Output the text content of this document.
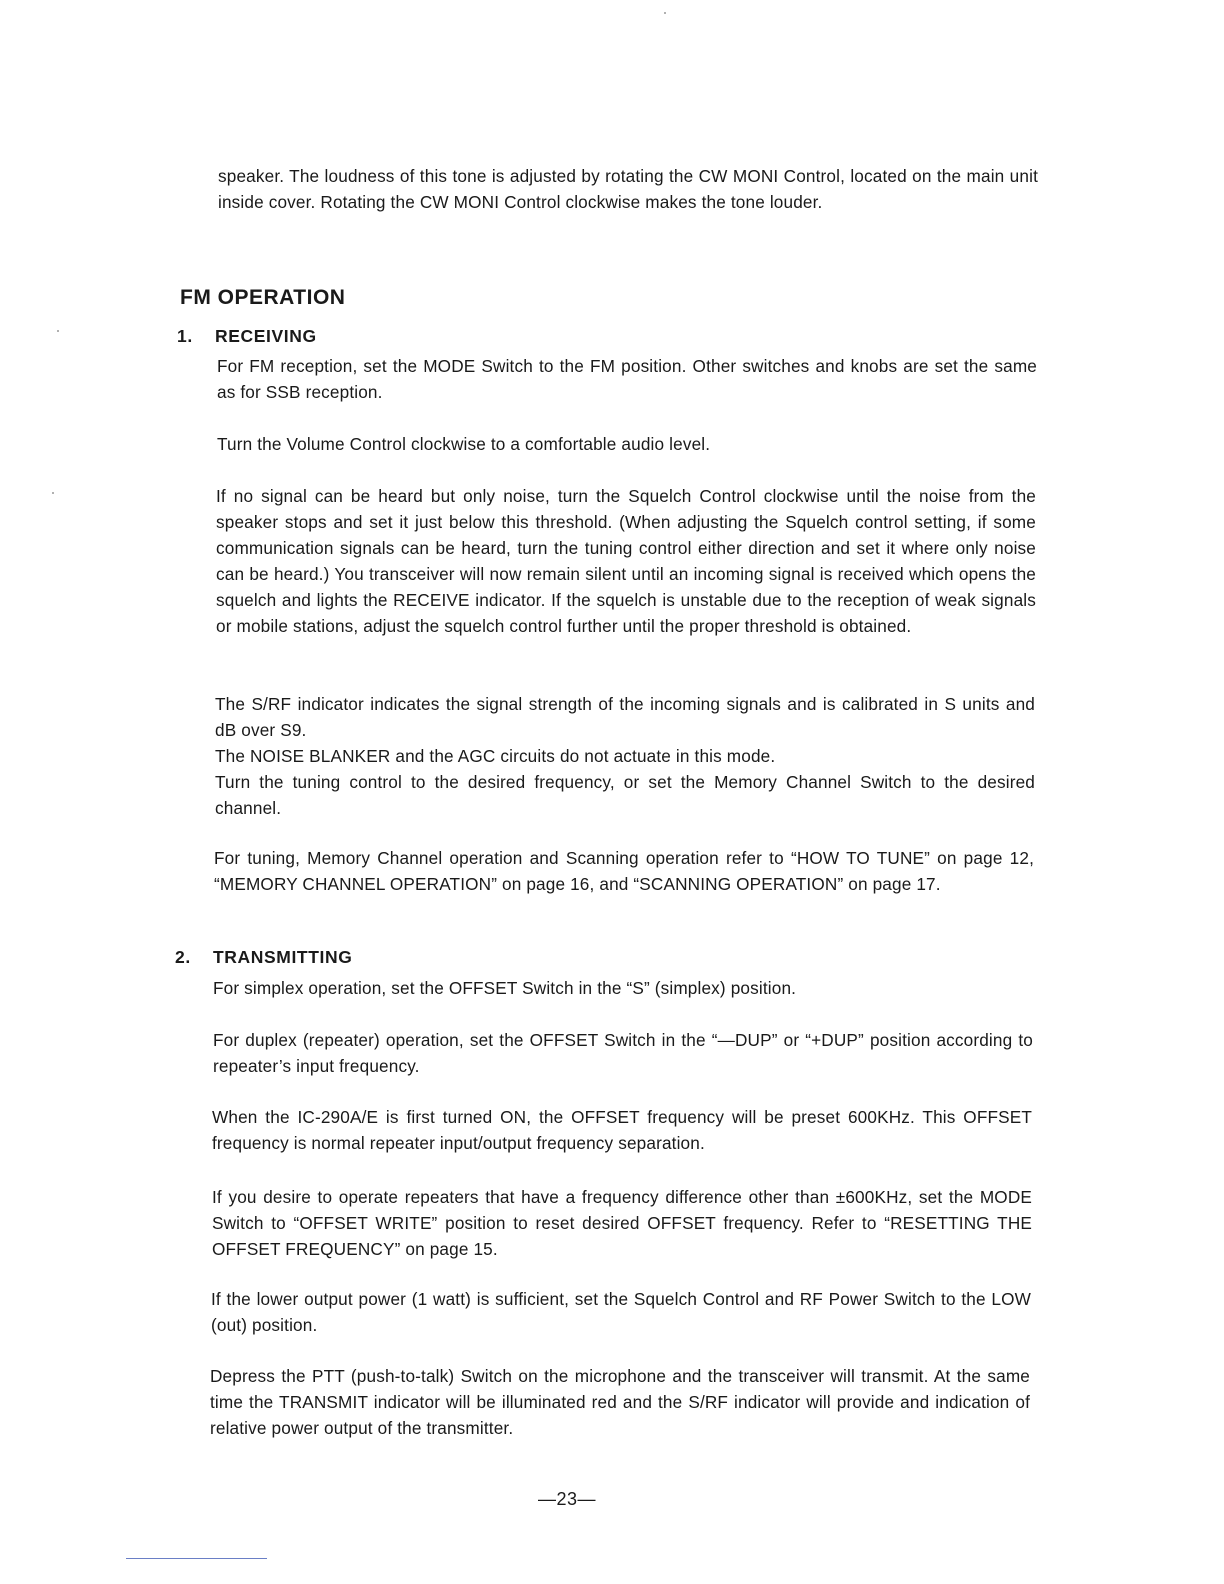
speaker. The loudness of this tone is adjusted by rotating the CW MONI Control, located on the main unit inside cover. Rotating the CW MONI Control clockwise makes the tone louder.

FM OPERATION
1. RECEIVING

For FM reception, set the MODE Switch to the FM position. Other switches and knobs are set the same as for SSB reception.

Turn the Volume Control clockwise to a comfortable audio level.

If no signal can be heard but only noise, turn the Squelch Control clockwise until the noise from the speaker stops and set it just below this threshold. (When adjusting the Squelch control setting, if some communication signals can be heard, turn the tuning control either direction and set it where only noise can be heard.) You transceiver will now remain silent until an incoming signal is received which opens the squelch and lights the RECEIVE indicator. If the squelch is unstable due to the reception of weak signals or mobile stations, adjust the squelch control further until the proper threshold is obtained.

The S/RF indicator indicates the signal strength of the incoming signals and is calibrated in S units and dB over S9.

The NOISE BLANKER and the AGC circuits do not actuate in this mode.

Turn the tuning control to the desired frequency, or set the Memory Channel Switch to the desired channel.

For tuning, Memory Channel operation and Scanning operation refer to “HOW TO TUNE” on page 12, “MEMORY CHANNEL OPERATION” on page 16, and “SCANNING OPERATION” on page 17.

2. TRANSMITTING

For simplex operation, set the OFFSET Switch in the “S” (simplex) position.

For duplex (repeater) operation, set the OFFSET Switch in the “—DUP” or “+DUP” position according to repeater’s input frequency.

When the IC-290A/E is first turned ON, the OFFSET frequency will be preset 600KHz. This OFFSET frequency is normal repeater input/output frequency separation.

If you desire to operate repeaters that have a frequency difference other than ±600KHz, set the MODE Switch to “OFFSET WRITE” position to reset desired OFFSET frequency. Refer to “RESETTING THE OFFSET FREQUENCY” on page 15.

If the lower output power (1 watt) is sufficient, set the Squelch Control and RF Power Switch to the LOW (out) position.

Depress the PTT (push-to-talk) Switch on the microphone and the transceiver will transmit. At the same time the TRANSMIT indicator will be illuminated red and the S/RF indicator will provide and indication of relative power output of the transmitter.

—23—
